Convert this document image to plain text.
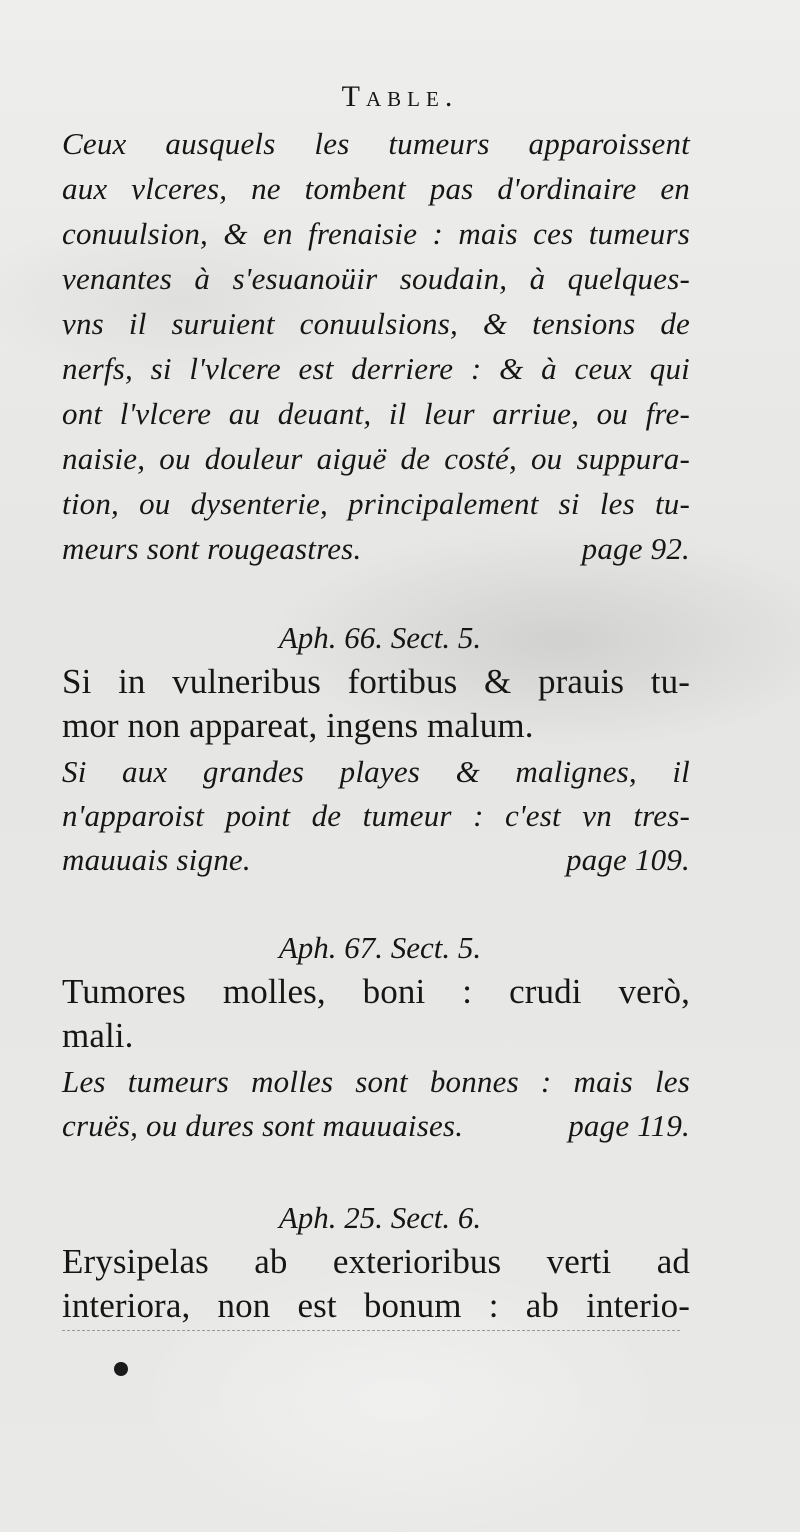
Table.
Ceux ausquels les tumeurs apparoissent
aux vlceres, ne tombent pas d'ordinaire en
conuulsion, & en frenaisie : mais ces tumeurs
venantes à s'esuanoüir soudain, à quelques-
vns il suruient conuulsions, & tensions de
nerfs, si l'vlcere est derriere : & à ceux qui
ont l'vlcere au deuant, il leur arriue, ou fre-
naisie, ou douleur aiguë de costé, ou suppura-
tion, ou dysenterie, principalement si les tu-
meurs sont rougeastres.	page 92.
Aph. 66. Sect. 5.
Si in vulneribus fortibus & prauis tu-
mor non appareat, ingens malum.
Si aux grandes playes & malignes, il
n'apparoist point de tumeur : c'est vn tres-
mauuais signe.	page 109.
Aph. 67. Sect. 5.
Tumores molles, boni : crudi verò,
mali.
Les tumeurs molles sont bonnes : mais les
cruës, ou dures sont mauuaises.	page 119.
Aph. 25. Sect. 6.
Erysipelas ab exterioribus verti ad
interiora, non est bonum : ab interio-
